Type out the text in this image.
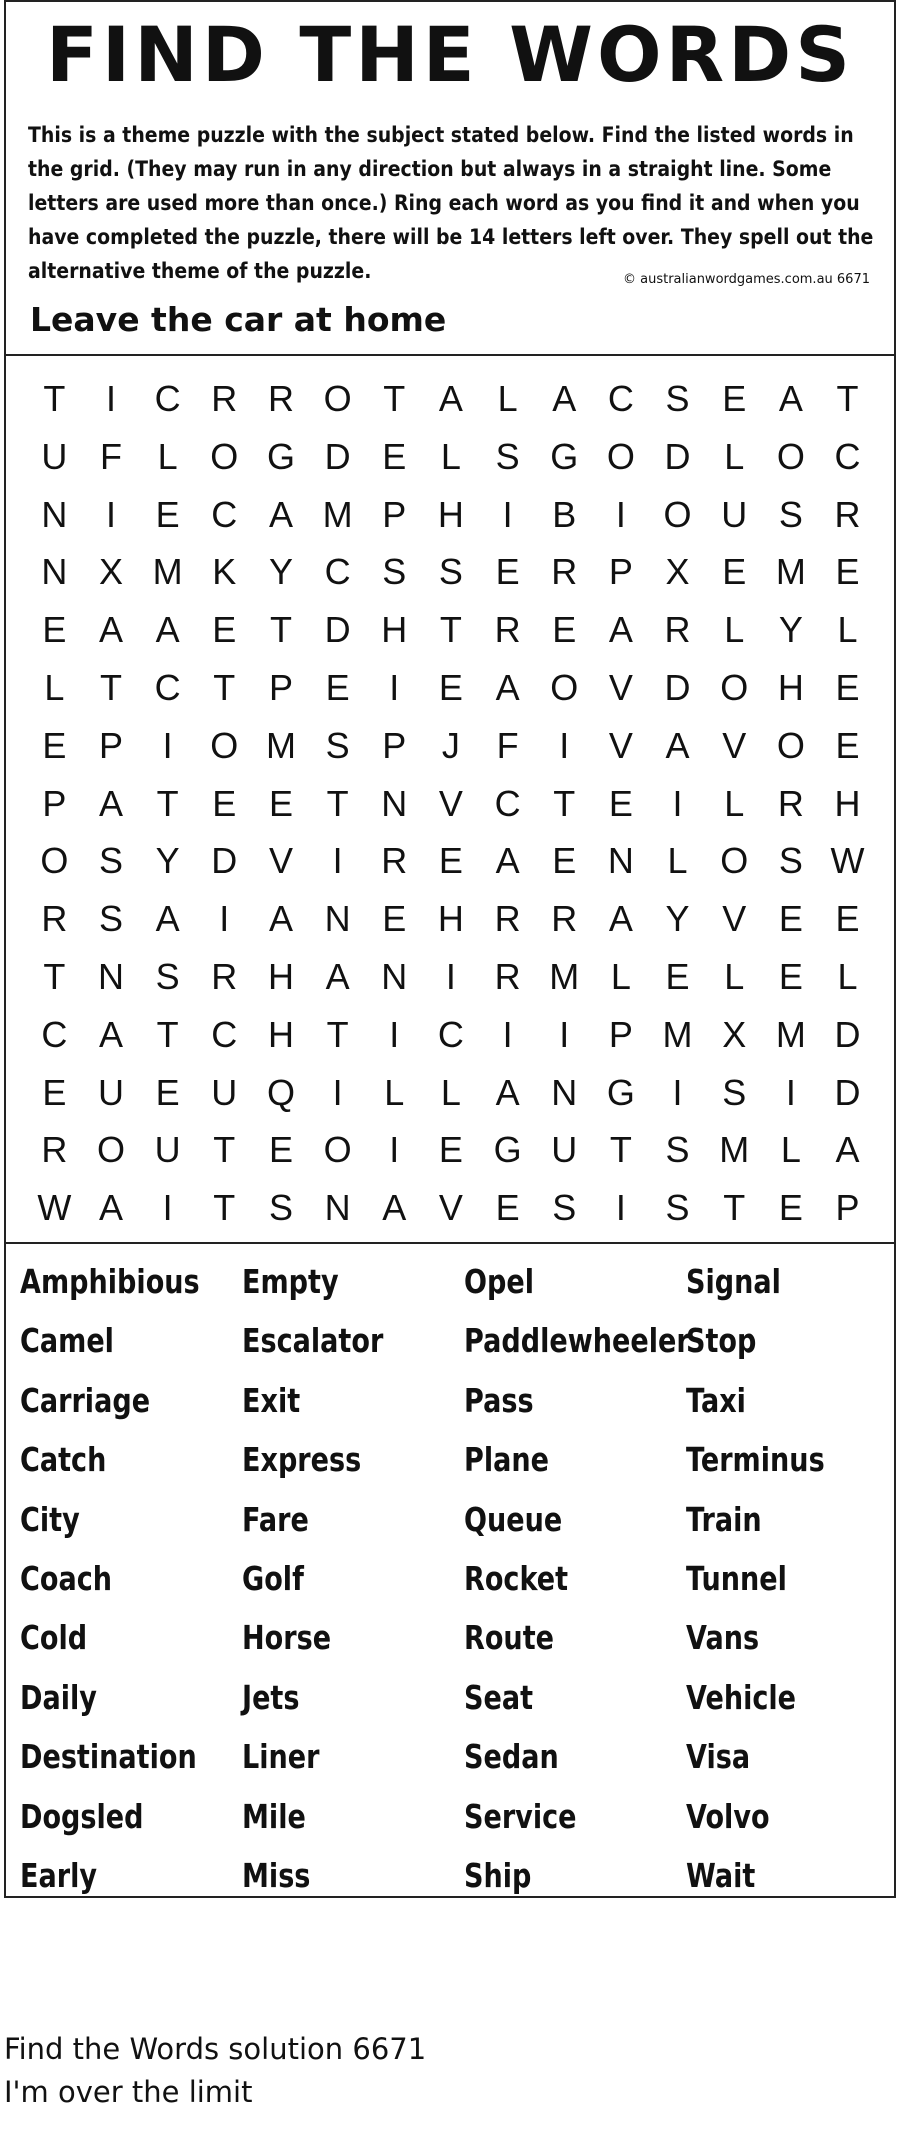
FIND THE WORDS
This is a theme puzzle with the subject stated below. Find the listed words in the grid. (They may run in any direction but always in a straight line. Some letters are used more than once.) Ring each word as you find it and when you have completed the puzzle, there will be 14 letters left over. They spell out the alternative theme of the puzzle.	© australianwordgames.com.au 6671
Leave the car at home
T	I	C R R O T A L A C S E A T
U F L O G D E L S G O D L O C
N	I	E C A M P H	I	B	I	O U S R
N X M K Y C S S E R P X E M E
E A A E T D H T R E A R L Y L
L T C T P E	I	E A O V D O H E
E P	I	O M S P J	F	I	V A V O E
P A T E E T N V C T E	I	L R H
O S Y D V	I	R E A E N L O S W
R S A	I	A N E H R R A Y V E E
T N S R H A N	I	R M L E L E L
C A T C H T	I	C	I	I	P M X M D
E U E U Q	I	L	L A N G	I	S	I	D
R O U T E O	I	E G U T S M L A
W A	I	T S N A V E S	I	S T E P
Amphibious
Camel
Carriage
Catch
City
Coach
Cold
Daily
Destination
Dogsled
Early
Empty
Escalator
Exit
Express
Fare
Golf
Horse
Jets
Liner
Mile
Miss
Opel
Paddlewheeler
Pass
Plane
Queue
Rocket
Route
Seat
Sedan
Service
Ship
Signal
Stop
Taxi
Terminus
Train
Tunnel
Vans
Vehicle
Visa
Volvo
Wait
Find the Words solution 6671
I'm over the limit
